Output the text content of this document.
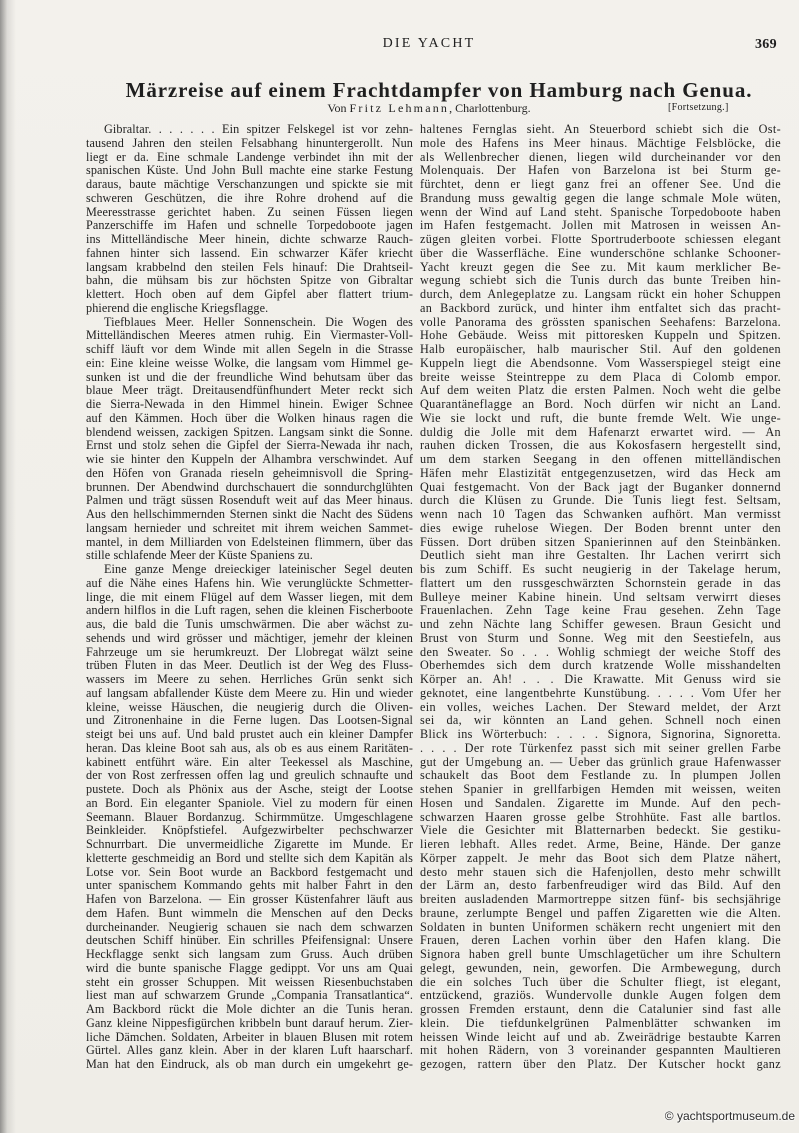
DIE YACHT	369
Märzreise auf einem Frachtdampfer von Hamburg nach Genua.
Von Fritz Lehmann, Charlottenburg.	[Fortsetzung.]
Gibraltar. . . . . . . Ein spitzer Felskegel ist vor zehn-
tausend Jahren den steilen Felsabhang hinuntergerollt. Nun
liegt er da. Eine schmale Landenge verbindet ihn mit der
spanischen Küste. Und John Bull machte eine starke Festung
daraus, baute mächtige Verschanzungen und spickte sie mit
schweren Geschützen, die ihre Rohre drohend auf die
Meeresstrasse gerichtet haben. Zu seinen Füssen liegen
Panzerschiffe im Hafen und schnelle Torpedoboote jagen
ins Mittelländische Meer hinein, dichte schwarze Rauch-
fahnen hinter sich lassend. Ein schwarzer Käfer kriecht
langsam krabbelnd den steilen Fels hinauf: Die Drahtseil-
bahn, die mühsam bis zur höchsten Spitze von Gibraltar
klettert. Hoch oben auf dem Gipfel aber flattert trium-
phierend die englische Kriegsflagge.
Tiefblaues Meer. Heller Sonnenschein. Die Wogen des
Mittelländischen Meeres atmen ruhig. Ein Viermaster-Voll-
schiff läuft vor dem Winde mit allen Segeln in die Strasse
ein: Eine kleine weisse Wolke, die langsam vom Himmel ge-
sunken ist und die der freundliche Wind behutsam über das
blaue Meer trägt. Dreitausendfünfhundert Meter reckt sich
die Sierra-Newada in den Himmel hinein. Ewiger Schnee
auf den Kämmen. Hoch über die Wolken hinaus ragen die
blendend weissen, zackigen Spitzen. Langsam sinkt die Sonne.
Ernst und stolz sehen die Gipfel der Sierra-Newada ihr nach,
wie sie hinter den Kuppeln der Alhambra verschwindet. Auf
den Höfen von Granada rieseln geheimnisvoll die Spring-
brunnen. Der Abendwind durchschauert die sonndurchglühten
Palmen und trägt süssen Rosenduft weit auf das Meer hinaus.
Aus den hellschimmernden Sternen sinkt die Nacht des Südens
langsam hernieder und schreitet mit ihrem weichen Sammet-
mantel, in dem Milliarden von Edelsteinen flimmern, über das
stille schlafende Meer der Küste Spaniens zu.
Eine ganze Menge dreieckiger lateinischer Segel deuten
auf die Nähe eines Hafens hin. Wie verunglückte Schmetter-
linge, die mit einem Flügel auf dem Wasser liegen, mit dem
andern hilflos in die Luft ragen, sehen die kleinen Fischerboote
aus, die bald die Tunis umschwärmen. Die aber wächst zu-
sehends und wird grösser und mächtiger, jemehr der kleinen
Fahrzeuge um sie herumkreuzt. Der Llobregat wälzt seine
trüben Fluten in das Meer. Deutlich ist der Weg des Fluss-
wassers im Meere zu sehen. Herrliches Grün senkt sich
auf langsam abfallender Küste dem Meere zu. Hin und wieder
kleine, weisse Häuschen, die neugierig durch die Oliven-
und Zitronenhaine in die Ferne lugen. Das Lootsen-Signal
steigt bei uns auf. Und bald prustet auch ein kleiner Dampfer
heran. Das kleine Boot sah aus, als ob es aus einem Raritäten-
kabinett entführt wäre. Ein alter Teekessel als Maschine,
der von Rost zerfressen offen lag und greulich schnaufte und
pustete. Doch als Phönix aus der Asche, steigt der Lootse
an Bord. Ein eleganter Spaniole. Viel zu modern für einen
Seemann. Blauer Bordanzug. Schirmmütze. Umgeschlagene
Beinkleider. Knöpfstiefel. Aufgezwirbelter pechschwarzer
Schnurrbart. Die unvermeidliche Zigarette im Munde. Er
kletterte geschmeidig an Bord und stellte sich dem Kapitän als
Lotse vor. Sein Boot wurde an Backbord festgemacht und
unter spanischem Kommando gehts mit halber Fahrt in den
Hafen von Barzelona. — Ein grosser Küstenfahrer läuft aus
dem Hafen. Bunt wimmeln die Menschen auf den Decks
durcheinander. Neugierig schauen sie nach dem schwarzen
deutschen Schiff hinüber. Ein schrilles Pfeifensignal: Unsere
Heckflagge senkt sich langsam zum Gruss. Auch drüben
wird die bunte spanische Flagge gedippt. Vor uns am Quai
steht ein grosser Schuppen. Mit weissen Riesenbuchstaben
liest man auf schwarzem Grunde „Compania Transatlantica“.
Am Backbord rückt die Mole dichter an die Tunis heran.
Ganz kleine Nippesfigürchen kribbeln bunt darauf herum. Zier-
liche Dämchen. Soldaten, Arbeiter in blauen Blusen mit rotem
Gürtel. Alles ganz klein. Aber in der klaren Luft haarscharf.
Man hat den Eindruck, als ob man durch ein umgekehrt ge-
haltenes Fernglas sieht. An Steuerbord schiebt sich die Ost-
mole des Hafens ins Meer hinaus. Mächtige Felsblöcke, die
als Wellenbrecher dienen, liegen wild durcheinander vor den
Molenquais. Der Hafen von Barzelona ist bei Sturm ge-
fürchtet, denn er liegt ganz frei an offener See. Und die
Brandung muss gewaltig gegen die lange schmale Mole wüten,
wenn der Wind auf Land steht. Spanische Torpedoboote haben
im Hafen festgemacht. Jollen mit Matrosen in weissen An-
zügen gleiten vorbei. Flotte Sportruderboote schiessen elegant
über die Wasserfläche. Eine wunderschöne schlanke Schooner-
Yacht kreuzt gegen die See zu. Mit kaum merklicher Be-
wegung schiebt sich die Tunis durch das bunte Treiben hin-
durch, dem Anlegeplatze zu. Langsam rückt ein hoher Schuppen
an Backbord zurück, und hinter ihm entfaltet sich das pracht-
volle Panorama des grössten spanischen Seehafens: Barzelona.
Hohe Gebäude. Weiss mit pittoresken Kuppeln und Spitzen.
Halb europäischer, halb maurischer Stil. Auf den goldenen
Kuppeln liegt die Abendsonne. Vom Wasserspiegel steigt eine
breite weisse Steintreppe zu dem Placa di Colomb empor.
Auf dem weiten Platz die ersten Palmen. Noch weht die gelbe
Quarantäneflagge an Bord. Noch dürfen wir nicht an Land.
Wie sie lockt und ruft, die bunte fremde Welt. Wie unge-
duldig die Jolle mit dem Hafenarzt erwartet wird. — An
rauhen dicken Trossen, die aus Kokosfasern hergestellt sind,
um dem starken Seegang in den offenen mittelländischen
Häfen mehr Elastizität entgegenzusetzen, wird das Heck am
Quai festgemacht. Von der Back jagt der Buganker donnernd
durch die Klüsen zu Grunde. Die Tunis liegt fest. Seltsam,
wenn nach 10 Tagen das Schwanken aufhört. Man vermisst
dies ewige ruhelose Wiegen. Der Boden brennt unter den
Füssen. Dort drüben sitzen Spanierinnen auf den Steinbänken.
Deutlich sieht man ihre Gestalten. Ihr Lachen verirrt sich
bis zum Schiff. Es sucht neugierig in der Takelage herum,
flattert um den russgeschwärzten Schornstein gerade in das
Bulleye meiner Kabine hinein. Und seltsam verwirrt dieses
Frauenlachen. Zehn Tage keine Frau gesehen. Zehn Tage
und zehn Nächte lang Schiffer gewesen. Braun Gesicht und
Brust von Sturm und Sonne. Weg mit den Seestiefeln, aus
den Sweater. So . . . Wohlig schmiegt der weiche Stoff des
Oberhemdes sich dem durch kratzende Wolle misshandelten
Körper an. Ah! . . . Die Krawatte. Mit Genuss wird sie
geknotet, eine langentbehrte Kunstübung. . . . . Vom Ufer her
ein volles, weiches Lachen. Der Steward meldet, der Arzt
sei da, wir könnten an Land gehen. Schnell noch einen
Blick ins Wörterbuch: . . . . Signora, Signorina, Signoretta.
. . . . Der rote Türkenfez passt sich mit seiner grellen Farbe
gut der Umgebung an. — Ueber das grünlich graue Hafenwasser
schaukelt das Boot dem Festlande zu. In plumpen Jollen
stehen Spanier in grellfarbigen Hemden mit weissen, weiten
Hosen und Sandalen. Zigarette im Munde. Auf den pech-
schwarzen Haaren grosse gelbe Strohhüte. Fast alle bartlos.
Viele die Gesichter mit Blatternarben bedeckt. Sie gestiku-
lieren lebhaft. Alles redet. Arme, Beine, Hände. Der ganze
Körper zappelt. Je mehr das Boot sich dem Platze nähert,
desto mehr stauen sich die Hafenjollen, desto mehr schwillt
der Lärm an, desto farbenfreudiger wird das Bild. Auf den
breiten ausladenden Marmortreppe sitzen fünf- bis sechsjährige
braune, zerlumpte Bengel und paffen Zigaretten wie die Alten.
Soldaten in bunten Uniformen schäkern recht ungeniert mit den
Frauen, deren Lachen vorhin über den Hafen klang. Die
Signora haben grell bunte Umschlagetücher um ihre Schultern
gelegt, gewunden, nein, geworfen. Die Armbewegung, durch
die ein solches Tuch über die Schulter fliegt, ist elegant,
entzückend, graziös. Wundervolle dunkle Augen folgen dem
grossen Fremden erstaunt, denn die Catalunier sind fast alle
klein. Die tiefdunkelgrünen Palmenblätter schwanken im
heissen Winde leicht auf und ab. Zweirädrige bestaubte Karren
mit hohen Rädern, von 3 voreinander gespannten Maultieren
gezogen, rattern über den Platz. Der Kutscher hockt ganz
© yachtsportmuseum.de
